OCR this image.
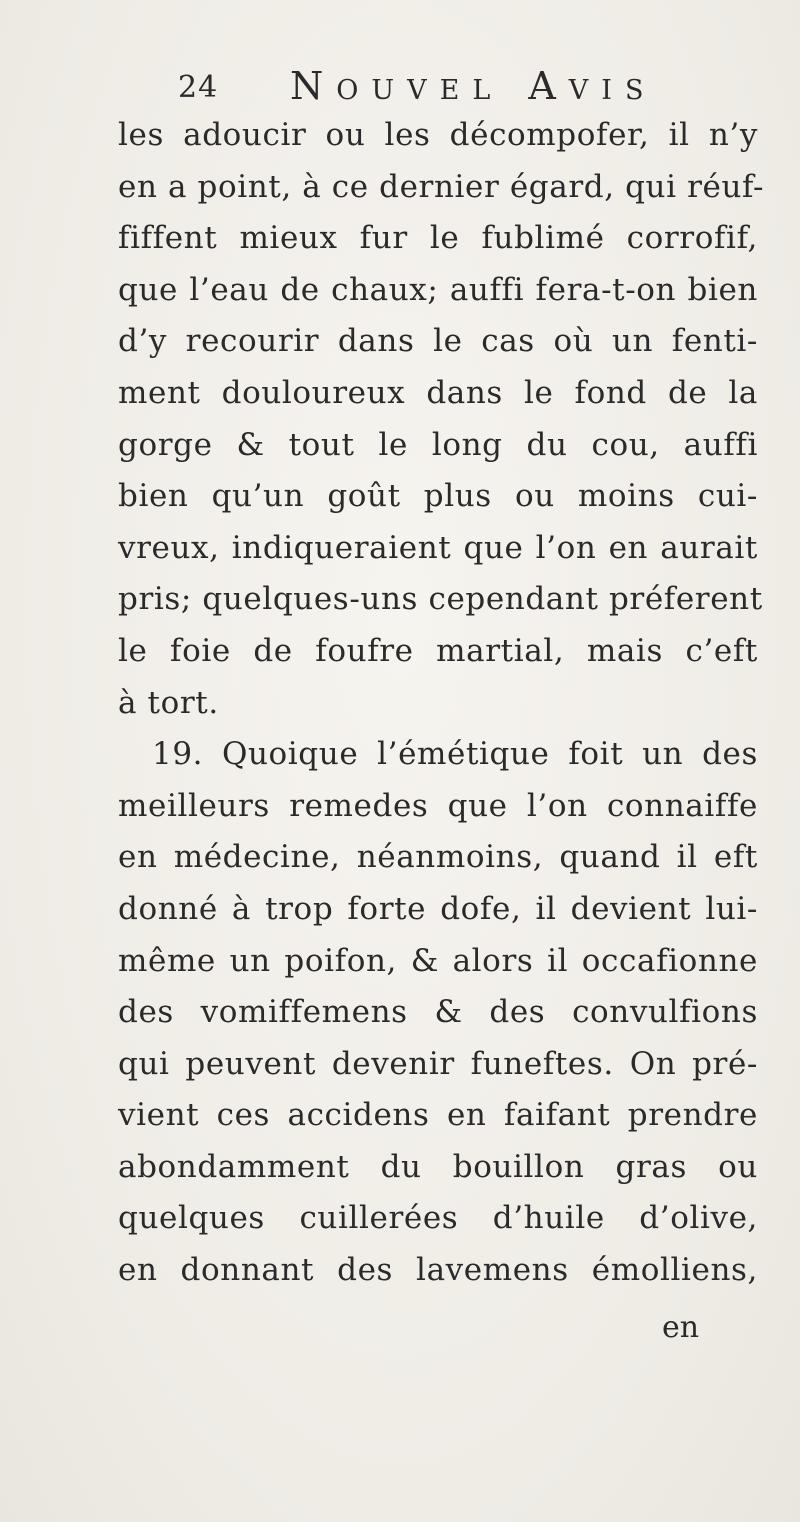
24 Nouvel Avis
les adoucir ou les décompofer, il n’y
en a point, à ce dernier égard, qui réuf-
fiffent mieux fur le fublimé corrofif,
que l’eau de chaux; auffi fera-t-on bien
d’y recourir dans le cas où un fenti-
ment douloureux dans le fond de la
gorge & tout le long du cou, auffi
bien qu’un goût plus ou moins cui-
vreux, indiqueraient que l’on en aurait
pris; quelques-uns cependant préferent
le foie de foufre martial, mais c’eft
à tort.
19. Quoique l’émétique foit un des
meilleurs remedes que l’on connaiffe
en médecine, néanmoins, quand il eft
donné à trop forte dofe, il devient lui-
même un poifon, & alors il occafionne
des vomiffemens & des convulfions
qui peuvent devenir funeftes. On pré-
vient ces accidens en faifant prendre
abondamment du bouillon gras ou
quelques cuillerées d’huile d’olive,
en donnant des lavemens émolliens,
en
